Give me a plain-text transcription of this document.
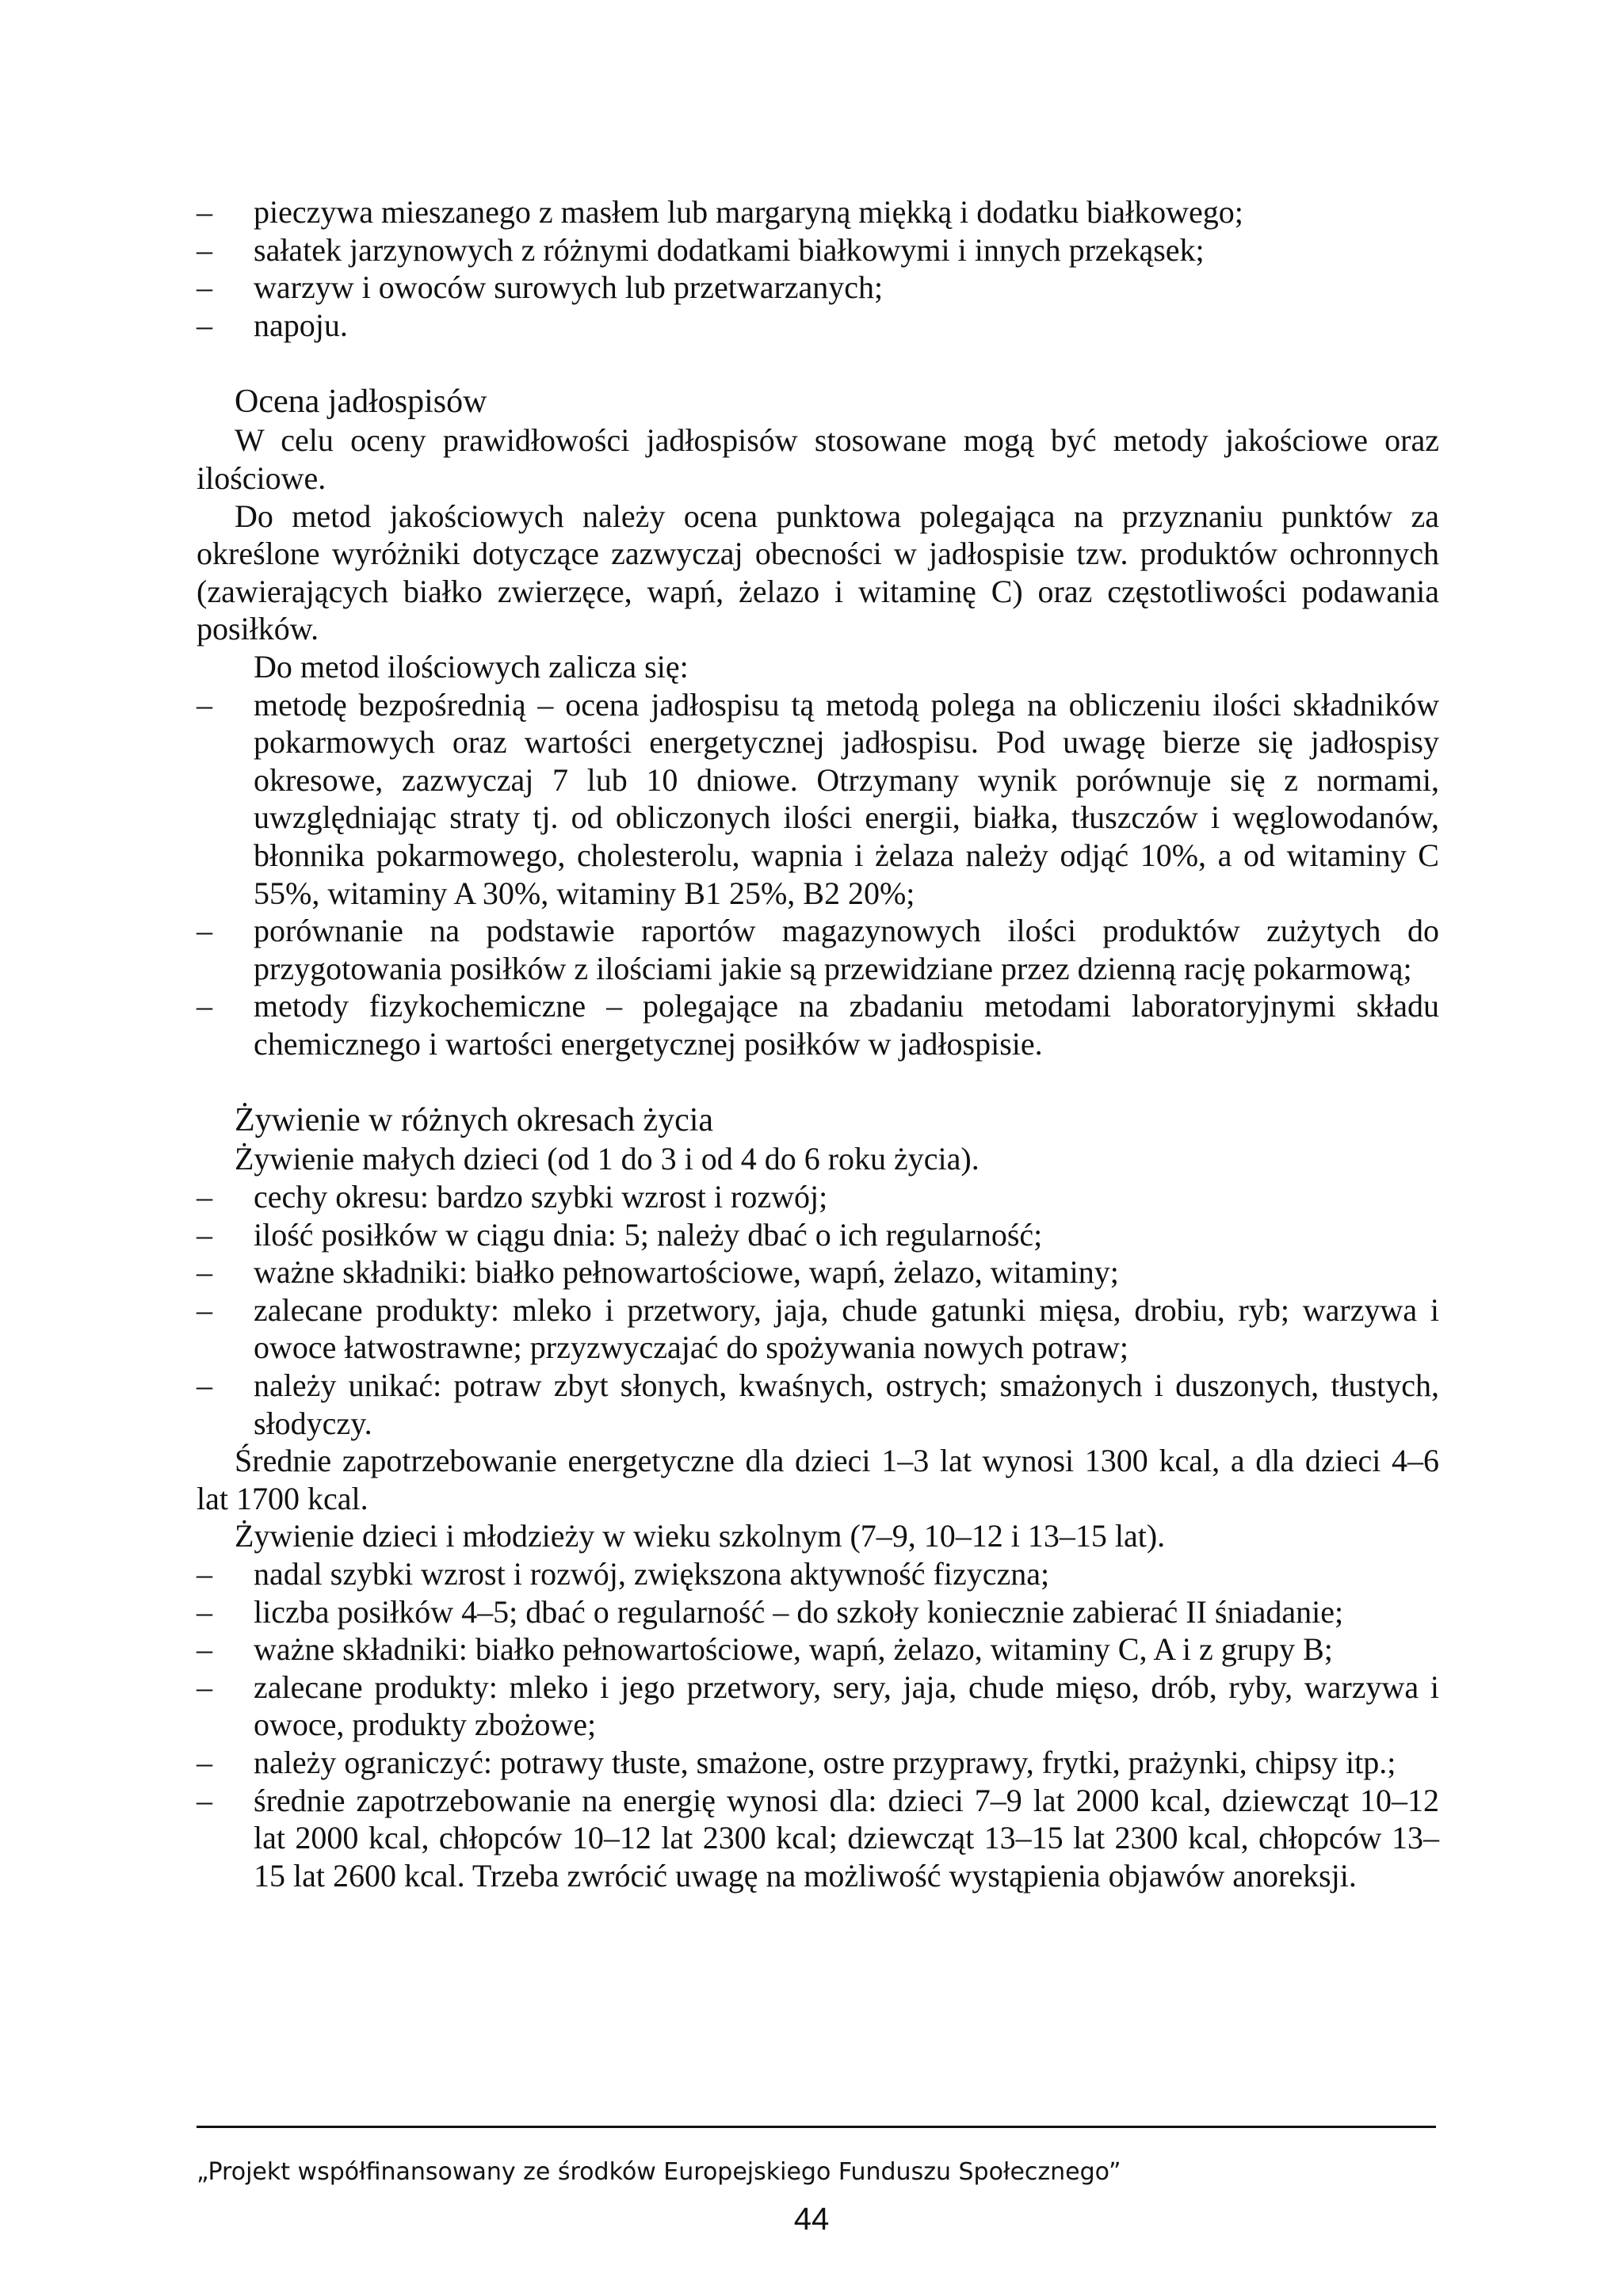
– pieczywa mieszanego z masłem lub margaryną miękką i dodatku białkowego;
– sałatek jarzynowych z różnymi dodatkami białkowymi i innych przekąsek;
– warzyw i owoców surowych lub przetwarzanych;
– napoju.
Ocena jadłospisów
W celu oceny prawidłowości jadłospisów stosowane mogą być metody jakościowe oraz ilościowe.
Do metod jakościowych należy ocena punktowa polegająca na przyznaniu punktów za określone wyróżniki dotyczące zazwyczaj obecności w jadłospisie tzw. produktów ochronnych (zawierających białko zwierzęce, wapń, żelazo i witaminę C) oraz częstotliwości podawania posiłków.
Do metod ilościowych zalicza się:
– metodę bezpośrednią – ocena jadłospisu tą metodą polega na obliczeniu ilości składników pokarmowych oraz wartości energetycznej jadłospisu. Pod uwagę bierze się jadłospisy okresowe, zazwyczaj 7 lub 10 dniowe. Otrzymany wynik porównuje się z normami, uwzględniając straty tj. od obliczonych ilości energii, białka, tłuszczów i węglowodanów, błonnika pokarmowego, cholesterolu, wapnia i żelaza należy odjąć 10%, a od witaminy C 55%, witaminy A 30%, witaminy B1 25%, B2 20%;
– porównanie na podstawie raportów magazynowych ilości produktów zużytych do przygotowania posiłków z ilościami jakie są przewidziane przez dzienną rację pokarmową;
– metody fizykochemiczne – polegające na zbadaniu metodami laboratoryjnymi składu chemicznego i wartości energetycznej posiłków w jadłospisie.
Żywienie w różnych okresach życia
Żywienie małych dzieci (od 1 do 3 i od 4 do 6 roku życia).
– cechy okresu: bardzo szybki wzrost i rozwój;
– ilość posiłków w ciągu dnia: 5; należy dbać o ich regularność;
– ważne składniki: białko pełnowartościowe, wapń, żelazo, witaminy;
– zalecane produkty: mleko i przetwory, jaja, chude gatunki mięsa, drobiu, ryb; warzywa i owoce łatwostrawne; przyzwyczajać do spożywania nowych potraw;
– należy unikać: potraw zbyt słonych, kwaśnych, ostrych; smażonych i duszonych, tłustych, słodyczy.
Średnie zapotrzebowanie energetyczne dla dzieci 1–3 lat wynosi 1300 kcal, a dla dzieci 4–6 lat 1700 kcal.
Żywienie dzieci i młodzieży w wieku szkolnym (7–9, 10–12 i 13–15 lat).
– nadal szybki wzrost i rozwój, zwiększona aktywność fizyczna;
– liczba posiłków 4–5; dbać o regularność – do szkoły koniecznie zabierać II śniadanie;
– ważne składniki: białko pełnowartościowe, wapń, żelazo, witaminy C, A i z grupy B;
– zalecane produkty: mleko i jego przetwory, sery, jaja, chude mięso, drób, ryby, warzywa i owoce, produkty zbożowe;
– należy ograniczyć: potrawy tłuste, smażone, ostre przyprawy, frytki, prażynki, chipsy itp.;
– średnie zapotrzebowanie na energię wynosi dla: dzieci 7–9 lat 2000 kcal, dziewcząt 10–12 lat 2000 kcal, chłopców 10–12 lat 2300 kcal; dziewcząt 13–15 lat 2300 kcal, chłopców 13–15 lat 2600 kcal. Trzeba zwrócić uwagę na możliwość wystąpienia objawów anoreksji.
„Projekt współfinansowany ze środków Europejskiego Funduszu Społecznego”
44
